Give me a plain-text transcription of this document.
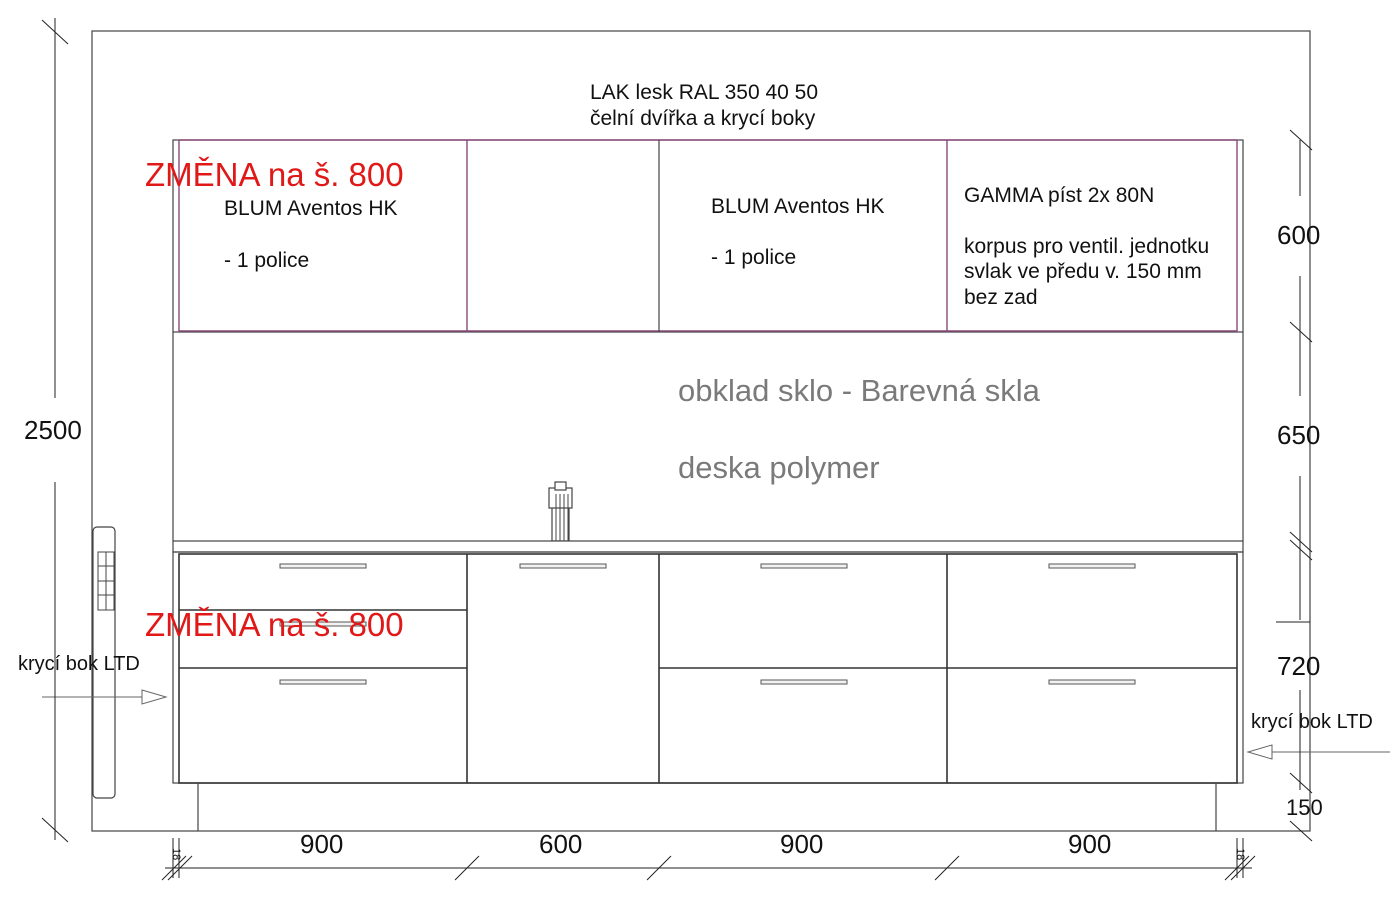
LAK lesk RAL 350 40 50
čelní dvířka a krycí boky
ZMĚNA na š. 800
BLUM Aventos HK
- 1 police
BLUM Aventos HK
- 1 police
GAMMA píst 2x 80N
korpus pro ventil. jednotku
svlak ve předu v. 150 mm
bez zad
obklad sklo - Barevná skla
deska polymer
ZMĚNA na š. 800
krycí bok LTD
krycí bok LTD
2500
600
650
720
150
18	18
900	600	900	900
